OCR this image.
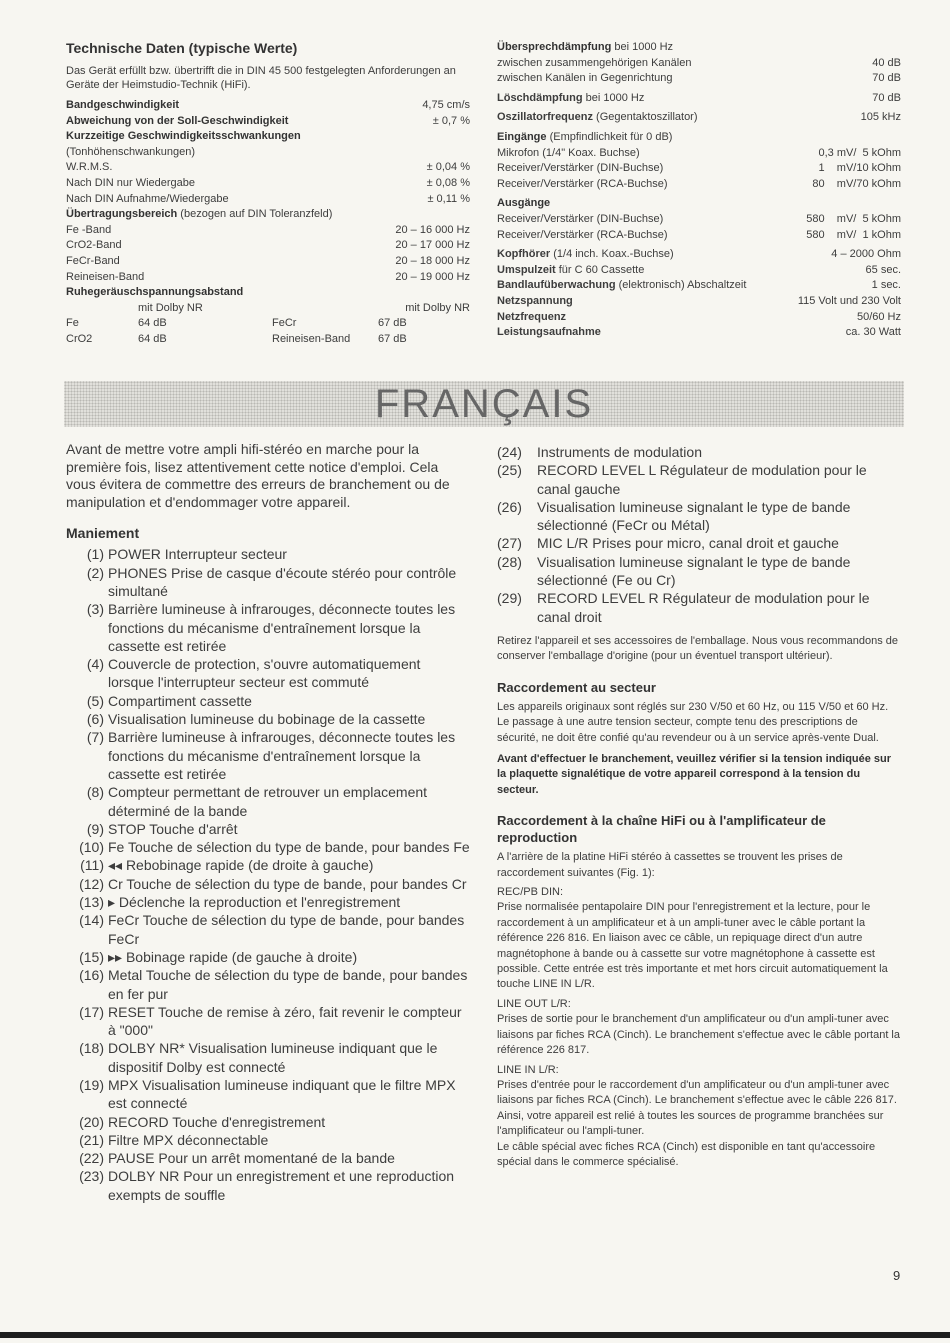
Technische Daten (typische Werte)

Das Gerät erfüllt bzw. übertrifft die in DIN 45 500 festgelegten Anforderungen an Geräte der Heimstudio-Technik (HiFi).

Bandgeschwindigkeit	4,75 cm/s
Abweichung von der Soll-Geschwindigkeit	± 0,7 %
Kurzzeitige Geschwindigkeitsschwankungen
(Tonhöhenschwankungen)
W.R.M.S.	± 0,04 %
Nach DIN nur Wiedergabe	± 0,08 %
Nach DIN Aufnahme/Wiedergabe	± 0,11 %
Übertragungsbereich (bezogen auf DIN Toleranzfeld)
Fe -Band	20 – 16 000 Hz
CrO2-Band	20 – 17 000 Hz
FeCr-Band	20 – 18 000 Hz
Reineisen-Band	20 – 19 000 Hz
Ruhegeräuschspannungsabstand
mit Dolby NR	mit Dolby NR
Fe	64 dB	FeCr	67 dB
CrO2	64 dB	Reineisen-Band	67 dB
Übersprechdämpfung bei 1000 Hz
zwischen zusammengehörigen Kanälen	40 dB
zwischen Kanälen in Gegenrichtung	70 dB
Löschdämpfung bei 1000 Hz	70 dB
Oszillatorfrequenz (Gegentaktoszillator)	105 kHz
Eingänge (Empfindlichkeit für 0 dB)
Mikrofon (1/4" Koax. Buchse)	0,3 mV/  5 kOhm
Receiver/Verstärker (DIN-Buchse)	1    mV/10 kOhm
Receiver/Verstärker (RCA-Buchse)	80    mV/70 kOhm
Ausgänge
Receiver/Verstärker (DIN-Buchse)	580    mV/  5 kOhm
Receiver/Verstärker (RCA-Buchse)	580    mV/  1 kOhm
Kopfhörer (1/4 inch. Koax.-Buchse)	4 – 2000 Ohm
Umspulzeit für C 60 Cassette	65 sec.
Bandlaufüberwachung (elektronisch) Abschaltzeit	1 sec.
Netzspannung	115 Volt und 230 Volt
Netzfrequenz	50/60 Hz
Leistungsaufnahme	ca. 30 Watt
FRANÇAIS

Avant de mettre votre ampli hifi-stéréo en marche pour la première fois, lisez attentivement cette notice d'emploi. Cela vous évitera de commettre des erreurs de branchement ou de manipulation et d'endommager votre appareil.

Maniement
(1) POWER Interrupteur secteur
(2) PHONES Prise de casque d'écoute stéréo pour contrôle simultané
(3) Barrière lumineuse à infrarouges, déconnecte toutes les fonctions du mécanisme d'entraînement lorsque la cassette est retirée
(4) Couvercle de protection, s'ouvre automatiquement lorsque l'interrupteur secteur est commuté
(5) Compartiment cassette
(6) Visualisation lumineuse du bobinage de la cassette
(7) Barrière lumineuse à infrarouges, déconnecte toutes les fonctions du mécanisme d'entraînement lorsque la cassette est retirée
(8) Compteur permettant de retrouver un emplacement déterminé de la bande
(9) STOP Touche d'arrêt
(10) Fe Touche de sélection du type de bande, pour bandes Fe
(11) ◂◂ Rebobinage rapide (de droite à gauche)
(12) Cr Touche de sélection du type de bande, pour bandes Cr
(13) ▸ Déclenche la reproduction et l'enregistrement
(14) FeCr Touche de sélection du type de bande, pour bandes FeCr
(15) ▸▸ Bobinage rapide (de gauche à droite)
(16) Metal Touche de sélection du type de bande, pour bandes en fer pur
(17) RESET Touche de remise à zéro, fait revenir le compteur à "000"
(18) DOLBY NR* Visualisation lumineuse indiquant que le dispositif Dolby est connecté
(19) MPX Visualisation lumineuse indiquant que le filtre MPX est connecté
(20) RECORD Touche d'enregistrement
(21) Filtre MPX déconnectable
(22) PAUSE Pour un arrêt momentané de la bande
(23) DOLBY NR Pour un enregistrement et une reproduction exempts de souffle
(24)	Instruments de modulation
(25)	RECORD LEVEL L Régulateur de modulation pour le canal gauche
(26)	Visualisation lumineuse signalant le type de bande sélectionné (FeCr ou Métal)
(27)	MIC L/R Prises pour micro, canal droit et gauche
(28)	Visualisation lumineuse signalant le type de bande sélectionné (Fe ou Cr)
(29)	RECORD LEVEL R Régulateur de modulation pour le canal droit

Retirez l'appareil et ses accessoires de l'emballage. Nous vous recommandons de conserver l'emballage d'origine (pour un éventuel transport ultérieur).

Raccordement au secteur

Les appareils originaux sont réglés sur 230 V/50 et 60 Hz, ou 115 V/50 et 60 Hz. Le passage à une autre tension secteur, compte tenu des prescriptions de sécurité, ne doit être confié qu'au revendeur ou à un service après-vente Dual.

Avant d'effectuer le branchement, veuillez vérifier si la tension indiquée sur la plaquette signalétique de votre appareil correspond à la tension du secteur.

Raccordement à la chaîne HiFi ou à l'amplificateur de reproduction

A l'arrière de la platine HiFi stéréo à cassettes se trouvent les prises de raccordement suivantes (Fig. 1):

REC/PB DIN:

Prise normalisée pentapolaire DIN pour l'enregistrement et la lecture, pour le raccordement à un amplificateur et à un ampli-tuner avec le câble portant la référence 226 816. En liaison avec ce câble, un repiquage direct d'un autre magnétophone à bande ou à cassette sur votre magnétophone à cassette est possible. Cette entrée est très importante et met hors circuit automatiquement la touche LINE IN L/R.

LINE OUT L/R:

Prises de sortie pour le branchement d'un amplificateur ou d'un ampli-tuner avec liaisons par fiches RCA (Cinch). Le branchement s'effectue avec le câble portant la référence 226 817.

LINE IN L/R:

Prises d'entrée pour le raccordement d'un amplificateur ou d'un ampli-tuner avec liaisons par fiches RCA (Cinch). Le branchement s'effectue avec le câble 226 817.

Ainsi, votre appareil est relié à toutes les sources de programme branchées sur l'amplificateur ou l'ampli-tuner.

Le câble spécial avec fiches RCA (Cinch) est disponible en tant qu'accessoire spécial dans le commerce spécialisé.

9
